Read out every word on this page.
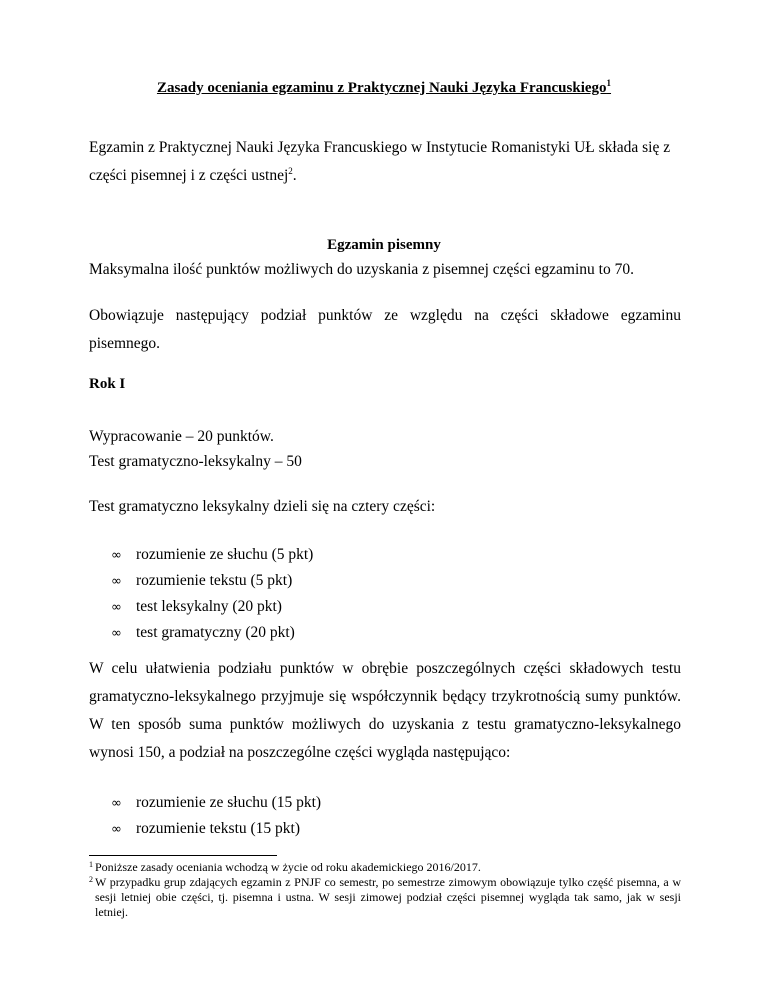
Zasady oceniania egzaminu z Praktycznej Nauki Języka Francuskiego$^1$
Egzamin z Praktycznej Nauki Języka Francuskiego w Instytucie Romanistyki UŁ składa się z części pisemnej i z części ustnej$^2$.
Egzamin pisemny
Maksymalna ilość punktów możliwych do uzyskania z pisemnej części egzaminu to 70.
Obowiązuje następujący podział punktów ze względu na części składowe egzaminu pisemnego.
Rok I
Wypracowanie – 20 punktów.
Test gramatyczno-leksykalny – 50
Test gramatyczno leksykalny dzieli się na cztery części:
∞ rozumienie ze słuchu (5 pkt)
∞ rozumienie tekstu (5 pkt)
∞ test leksykalny (20 pkt)
∞ test gramatyczny (20 pkt)
W celu ułatwienia podziału punktów w obrębie poszczególnych części składowych testu gramatyczno-leksykalnego przyjmuje się współczynnik będący trzykrotnością sumy punktów. W ten sposób suma punktów możliwych do uzyskania z testu gramatyczno-leksykalnego wynosi 150, a podział na poszczególne części wygląda następująco:
∞ rozumienie ze słuchu (15 pkt)
∞ rozumienie tekstu (15 pkt)

$^1$ Poniższe zasady oceniania wchodzą w życie od roku akademickiego 2016/2017.

$^2$ W przypadku grup zdających egzamin z PNJF co semestr, po semestrze zimowym obowiązuje tylko część pisemna, a w sesji letniej obie części, tj. pisemna i ustna. W sesji zimowej podział części pisemnej wygląda tak samo, jak w sesji letniej.
